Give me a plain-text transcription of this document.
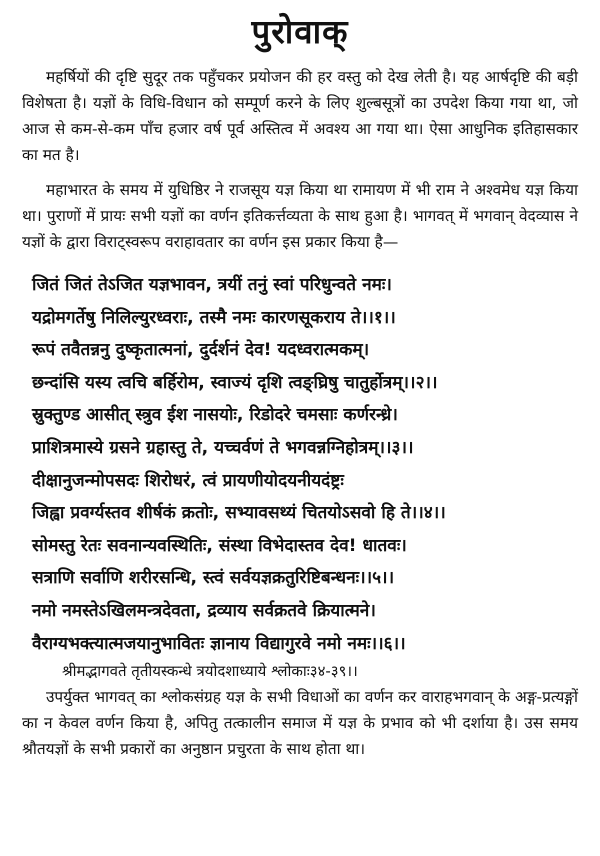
पुरोवाक्

महर्षियों की दृष्टि सुदूर तक पहुँचकर प्रयोजन की हर वस्तु को देख लेती है। यह आर्षदृष्टि की बड़ी विशेषता है। यज्ञों के विधि-विधान को सम्पूर्ण करने के लिए शुल्बसूत्रों का उपदेश किया गया था, जो आज से कम-से-कम पाँच हजार वर्ष पूर्व अस्तित्व में अवश्य आ गया था। ऐसा आधुनिक इतिहासकार का मत है।

महाभारत के समय में युधिष्ठिर ने राजसूय यज्ञ किया था रामायण में भी राम ने अश्वमेध यज्ञ किया था। पुराणों में प्रायः सभी यज्ञों का वर्णन इतिकर्त्तव्यता के साथ हुआ है। भागवत् में भगवान् वेदव्यास ने यज्ञों के द्वारा विराट्स्वरूप वराहावतार का वर्णन इस प्रकार किया है—

जितं जितं तेऽजित यज्ञभावन, त्रयीं तनुं स्वां परिधुन्वते नमः।
यद्रोमगर्तेषु निलिल्युरध्वराः, तस्मै नमः कारणसूकराय ते।।१।।
रूपं तवैतन्ननु दुष्कृतात्मनां, दुर्दर्शनं देव! यदध्वरात्मकम्।
छन्दांसि यस्य त्वचि बर्हिरोम, स्वाज्यं दृशि त्वङ्घ्रिषु चातुर्होत्रम्।।२।।
स्रुक्तुण्ड आसीत् स्त्रुव ईश नासयोः, रिडोदरे चमसाः कर्णरन्ध्रे।
प्राशित्रमास्ये ग्रसने ग्रहास्तु ते, यच्चर्वणं ते भगवन्नग्निहोत्रम्।।३।।
दीक्षानुजन्मोपसदः शिरोधरं, त्वं प्रायणीयोदयनीयदंष्ट्रः
जिह्वा प्रवर्ग्यस्तव शीर्षकं क्रतोः, सभ्यावसथ्यं चितयोऽसवो हि ते।।४।।
सोमस्तु रेतः सवनान्यवस्थितिः, संस्था विभेदास्तव देव! धातवः।
सत्राणि सर्वाणि शरीरसन्धि, स्त्वं सर्वयज्ञक्रतुरिष्टिबन्धनः।।५।।
नमो नमस्तेऽखिलमन्त्रदेवता, द्रव्याय सर्वक्रतवे क्रियात्मने।
वैराग्यभक्त्यात्मजयानुभावितः ज्ञानाय विद्यागुरवे नमो नमः।।६।।
श्रीमद्भागवते तृतीयस्कन्धे त्रयोदशाध्याये श्लोकाः३४-३९।।

उपर्युक्त भागवत् का श्लोकसंग्रह यज्ञ के सभी विधाओं का वर्णन कर वाराहभगवान् के अङ्ग-प्रत्यङ्गों का न केवल वर्णन किया है, अपितु तत्कालीन समाज में यज्ञ के प्रभाव को भी दर्शाया है। उस समय श्रौतयज्ञों के सभी प्रकारों का अनुष्ठान प्रचुरता के साथ होता था।
